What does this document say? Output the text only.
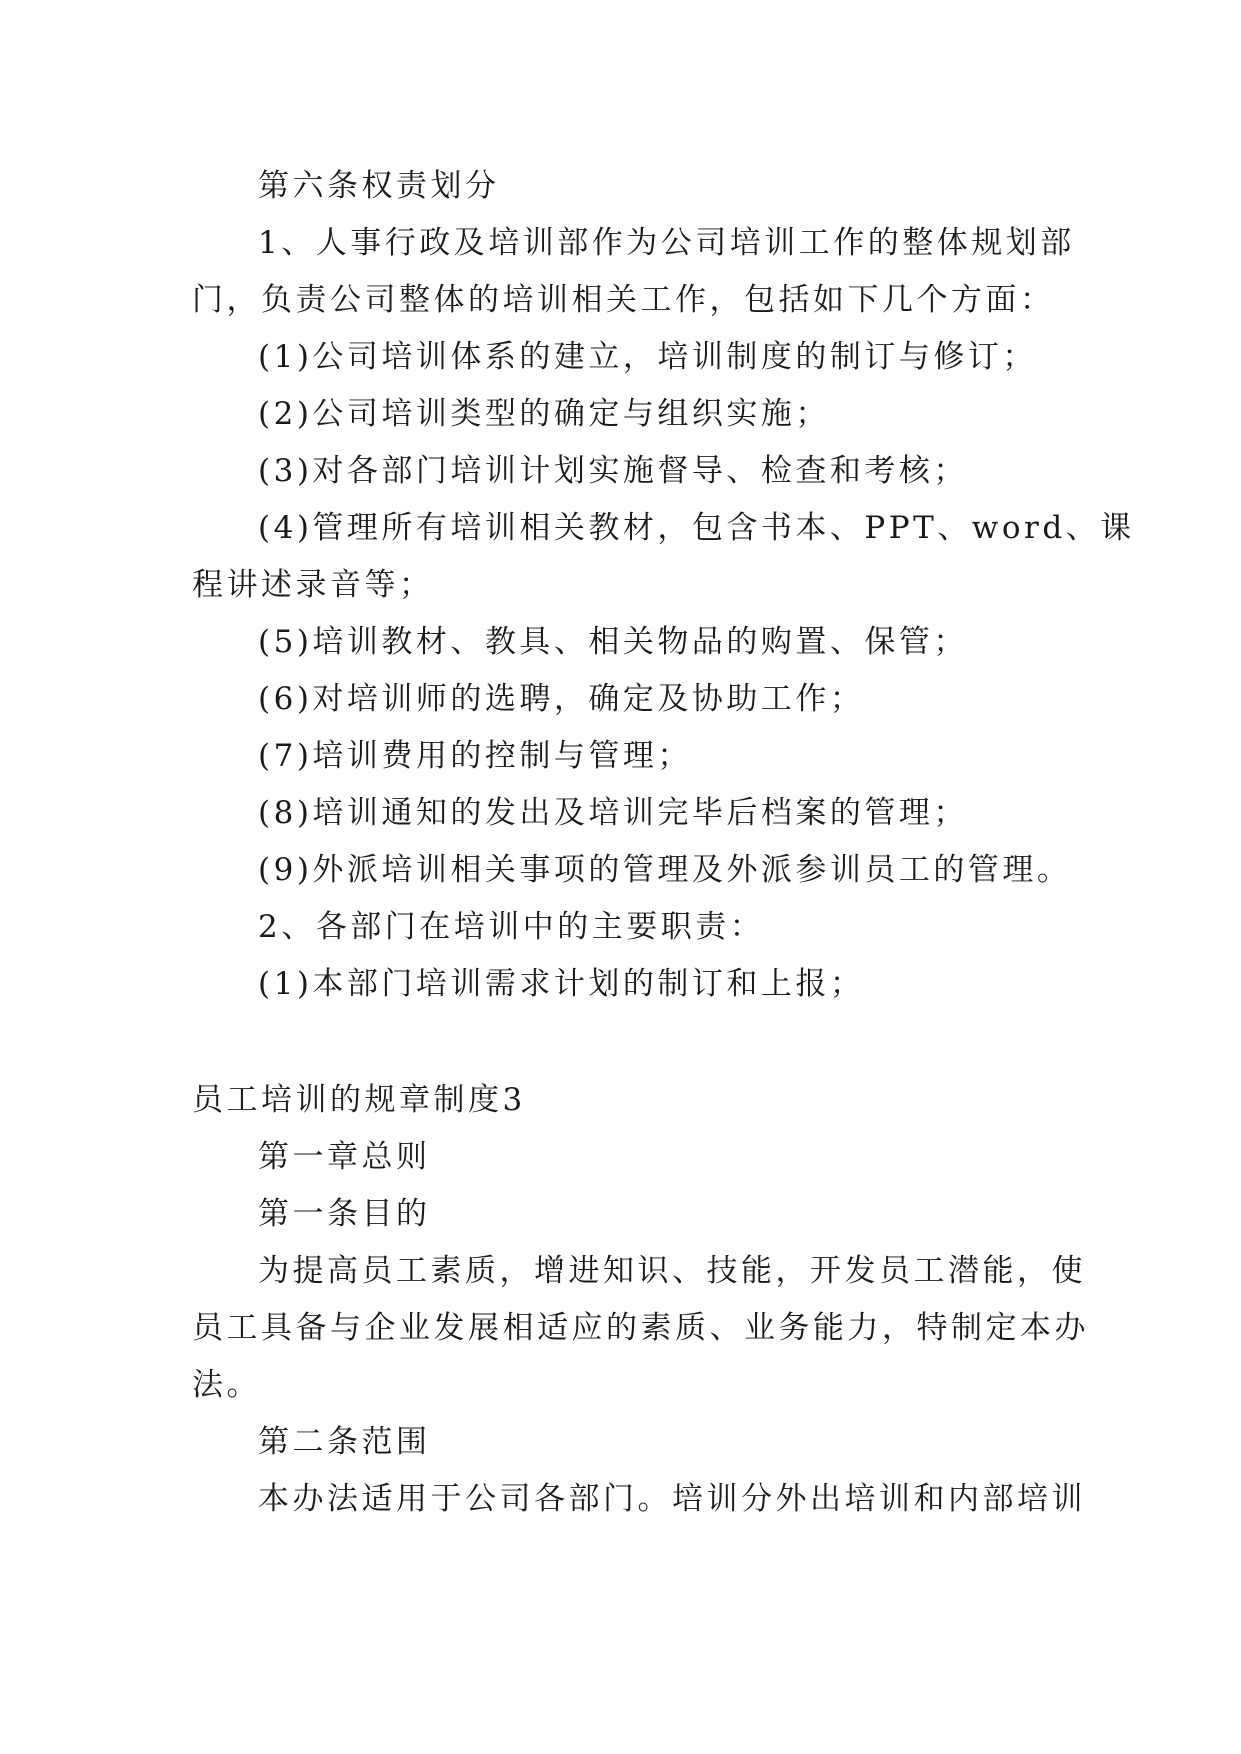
第六条权责划分

1、人事行政及培训部作为公司培训工作的整体规划部

门，负责公司整体的培训相关工作，包括如下几个方面：

(1)公司培训体系的建立，培训制度的制订与修订；

(2)公司培训类型的确定与组织实施；

(3)对各部门培训计划实施督导、检查和考核；

(4)管理所有培训相关教材，包含书本、PPT、word、课

程讲述录音等；

(5)培训教材、教具、相关物品的购置、保管；

(6)对培训师的选聘，确定及协助工作；

(7)培训费用的控制与管理；

(8)培训通知的发出及培训完毕后档案的管理；

(9)外派培训相关事项的管理及外派参训员工的管理。

2、各部门在培训中的主要职责：

(1)本部门培训需求计划的制订和上报；

员工培训的规章制度3

第一章总则

第一条目的

为提高员工素质，增进知识、技能，开发员工潜能，使

员工具备与企业发展相适应的素质、业务能力，特制定本办

法。

第二条范围

本办法适用于公司各部门。培训分外出培训和内部培训
